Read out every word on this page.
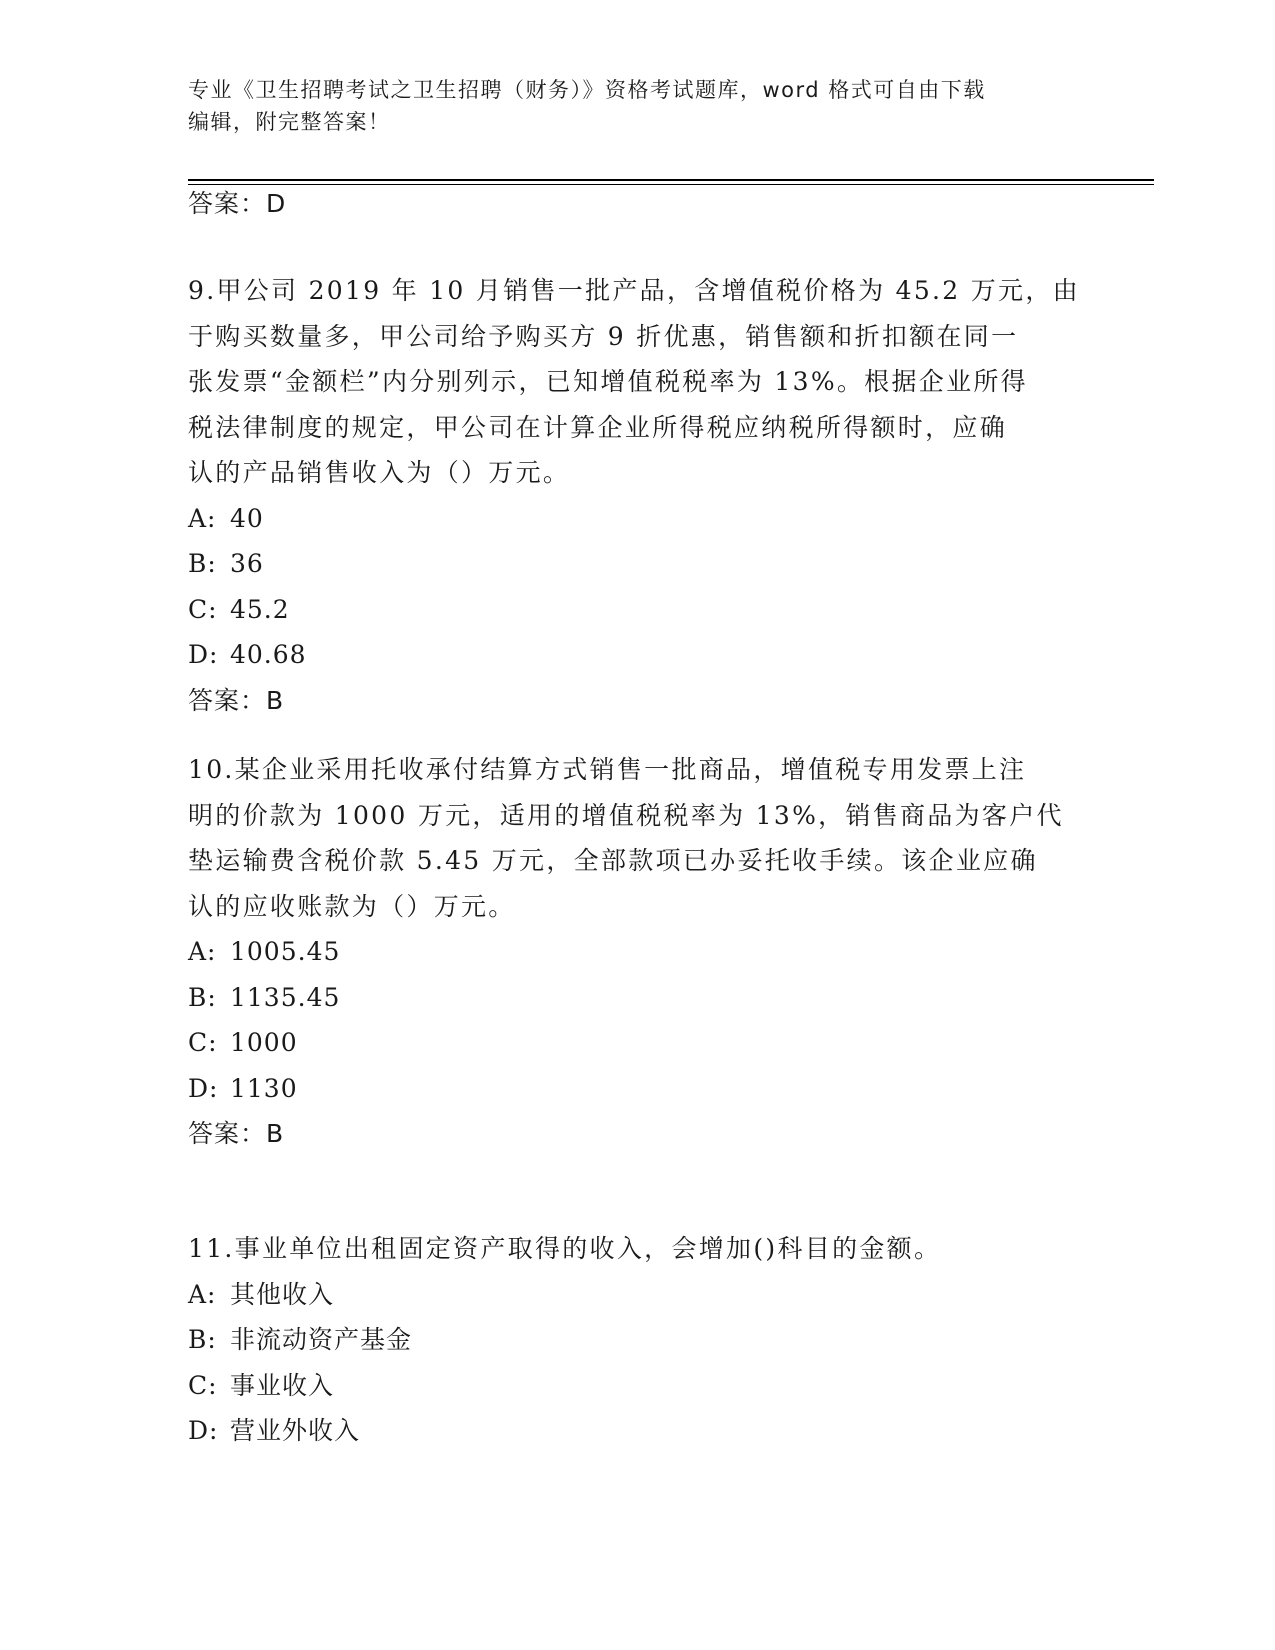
专业《卫生招聘考试之卫生招聘（财务）》资格考试题库，word 格式可自由下载
编辑，附完整答案！
答案：D
9.甲公司 2019 年 10 月销售一批产品，含增值税价格为 45.2 万元，由
于购买数量多，甲公司给予购买方 9 折优惠，销售额和折扣额在同一
张发票“金额栏”内分别列示，已知增值税税率为 13%。根据企业所得
税法律制度的规定，甲公司在计算企业所得税应纳税所得额时，应确
认的产品销售收入为（）万元。
A: 40
B: 36
C: 45.2
D: 40.68
答案：B
10.某企业采用托收承付结算方式销售一批商品，增值税专用发票上注
明的价款为 1000 万元，适用的增值税税率为 13%，销售商品为客户代
垫运输费含税价款 5.45 万元，全部款项已办妥托收手续。该企业应确
认的应收账款为（）万元。
A: 1005.45
B: 1135.45
C: 1000
D: 1130
答案：B
11.事业单位出租固定资产取得的收入，会增加()科目的金额。
A: 其他收入
B: 非流动资产基金
C: 事业收入
D: 营业外收入
